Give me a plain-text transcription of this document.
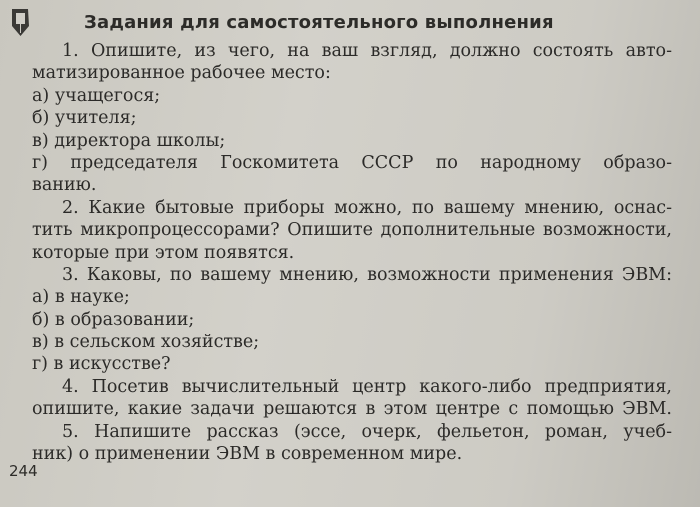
Задания для самостоятельного выполнения
1. Опишите, из чего, на ваш взгляд, должно состоять авто-
матизированное рабочее место:
а) учащегося;
б) учителя;
в) директора школы;
г) председателя Госкомитета СССР по народному образо-
ванию.
2. Какие бытовые приборы можно, по вашему мнению, оснас-
тить микропроцессорами? Опишите дополнительные возможности,
которые при этом появятся.
3. Каковы, по вашему мнению, возможности применения ЭВМ:
а) в науке;
б) в образовании;
в) в сельском хозяйстве;
г) в искусстве?
4. Посетив вычислительный центр какого-либо предприятия,
опишите, какие задачи решаются в этом центре с помощью ЭВМ.
5. Напишите рассказ (эссе, очерк, фельетон, роман, учеб-
ник) о применении ЭВМ в современном мире.
244
